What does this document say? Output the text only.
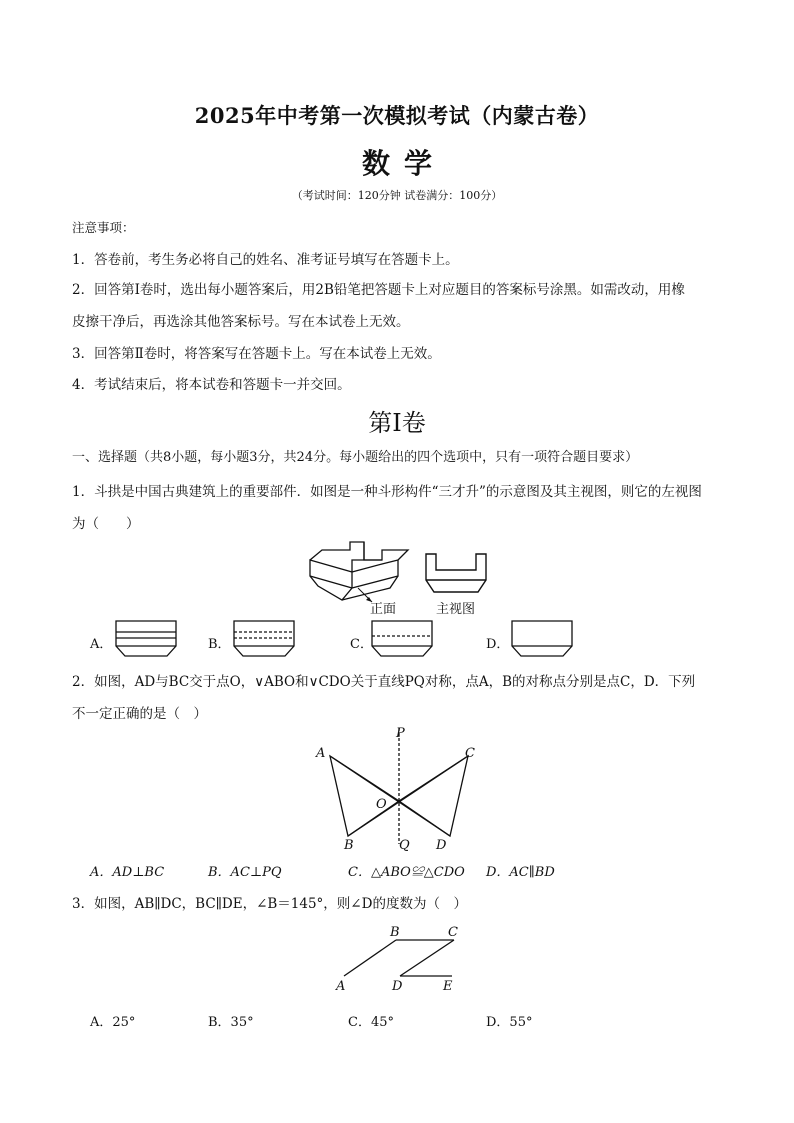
2025年中考第一次模拟考试（内蒙古卷）
数学
（考试时间：120分钟 试卷满分：100分）
注意事项：
1．答卷前，考生务必将自己的姓名、准考证号填写在答题卡上。
2．回答第Ⅰ卷时，选出每小题答案后，用2B铅笔把答题卡上对应题目的答案标号涂黑。如需改动，用橡
皮擦干净后，再选涂其他答案标号。写在本试卷上无效。
3．回答第Ⅱ卷时，将答案写在答题卡上。写在本试卷上无效。
4．考试结束后，将本试卷和答题卡一并交回。
第Ⅰ卷
一、选择题（共8小题，每小题3分，共24分。每小题给出的四个选项中，只有一项符合题目要求）
1．斗拱是中国古典建筑上的重要部件．如图是一种斗形构件“三才升”的示意图及其主视图，则它的左视图
为（　　）
正面	主视图
A．	B．	C．	D．
2．如图，AD与BC交于点O，∨ABO和∨CDO关于直线PQ对称，点A，B的对称点分别是点C，D．下列
不一定正确的是（　）
P
A	C
O
B	Q D
A．AD⊥BC	B．AC⊥PQ	C．△ABO≌△CDO D．AC∥BD
3．如图，AB∥DC，BC∥DE，∠B＝145°，则∠D的度数为（　）
B	C
A	D	E
A．25°	B．35°	C．45°	D．55°
